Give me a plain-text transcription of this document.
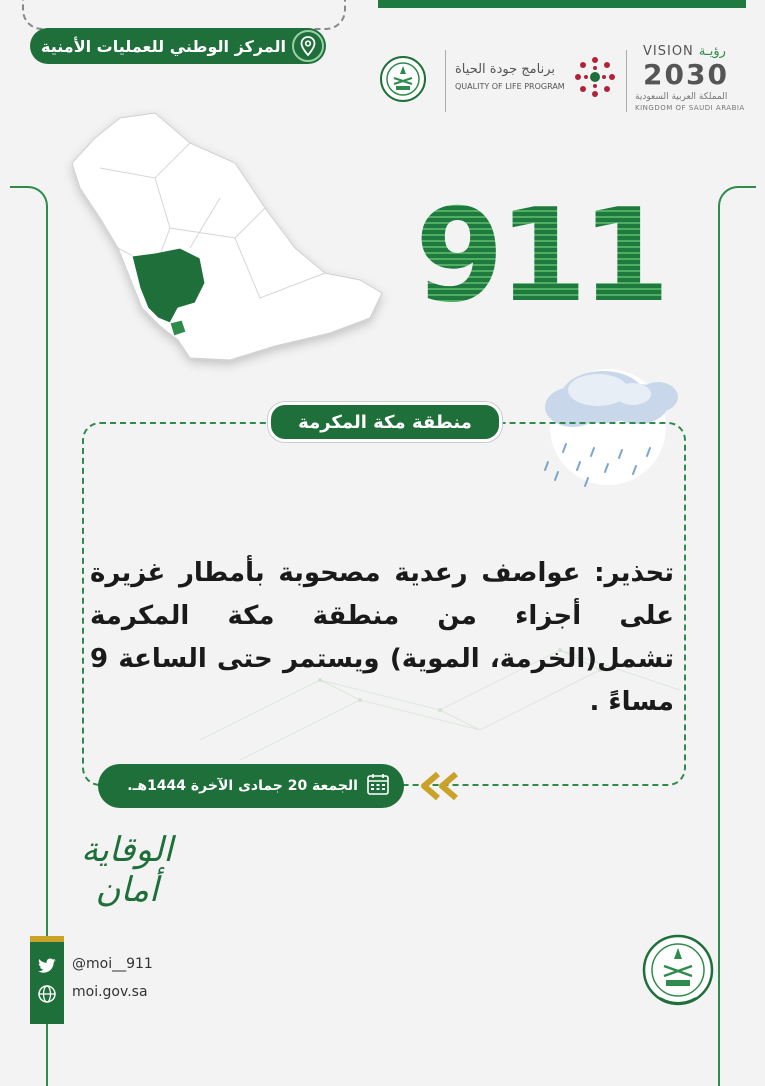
المركز الوطني للعمليات الأمنية
برنامج جودة الحياة
QUALITY OF LIFE PROGRAM
VISION رؤيـة
2030
المملكة العربية السعودية
KINGDOM OF SAUDI ARABIA
911
منطقة مكة المكرمة
تحذير: عواصف رعدية مصحوبة بأمطار غزيرة على أجزاء من منطقة مكة المكرمة تشمل(الخرمة، الموية) ويستمر حتى الساعة 9 مساءً .
الجمعة 20 جمادى الآخرة 1444هـ.
الوقاية أمان
@moi__911
moi.gov.sa
